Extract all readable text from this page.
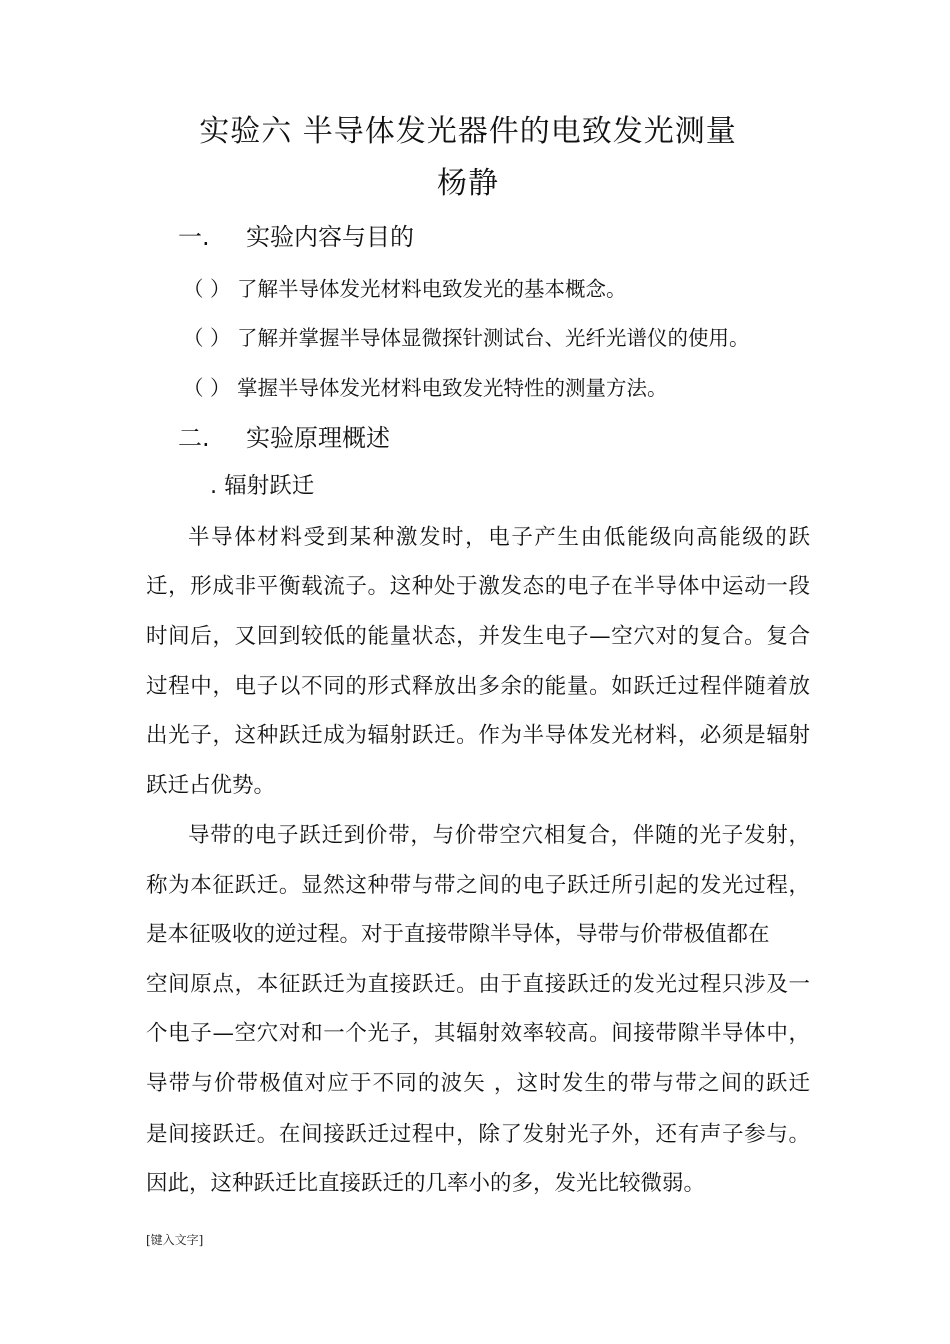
实验六 半导体发光器件的电致发光测量
杨静
一. 实验内容与目的
（ ） 了解半导体发光材料电致发光的基本概念。
（ ） 了解并掌握半导体显微探针测试台、光纤光谱仪的使用。
（ ） 掌握半导体发光材料电致发光特性的测量方法。
二. 实验原理概述
. 辐射跃迁
半导体材料受到某种激发时，电子产生由低能级向高能级的跃
迁，形成非平衡载流子。这种处于激发态的电子在半导体中运动一段
时间后，又回到较低的能量状态，并发生电子—空穴对的复合。复合
过程中，电子以不同的形式释放出多余的能量。如跃迁过程伴随着放
出光子，这种跃迁成为辐射跃迁。作为半导体发光材料，必须是辐射
跃迁占优势。
导带的电子跃迁到价带，与价带空穴相复合，伴随的光子发射，
称为本征跃迁。显然这种带与带之间的电子跃迁所引起的发光过程，
是本征吸收的逆过程。对于直接带隙半导体，导带与价带极值都在
空间原点，本征跃迁为直接跃迁。由于直接跃迁的发光过程只涉及一
个电子—空穴对和一个光子，其辐射效率较高。间接带隙半导体中，
导带与价带极值对应于不同的波矢 ，这时发生的带与带之间的跃迁
是间接跃迁。在间接跃迁过程中，除了发射光子外，还有声子参与。
因此，这种跃迁比直接跃迁的几率小的多，发光比较微弱。
[键入文字]
